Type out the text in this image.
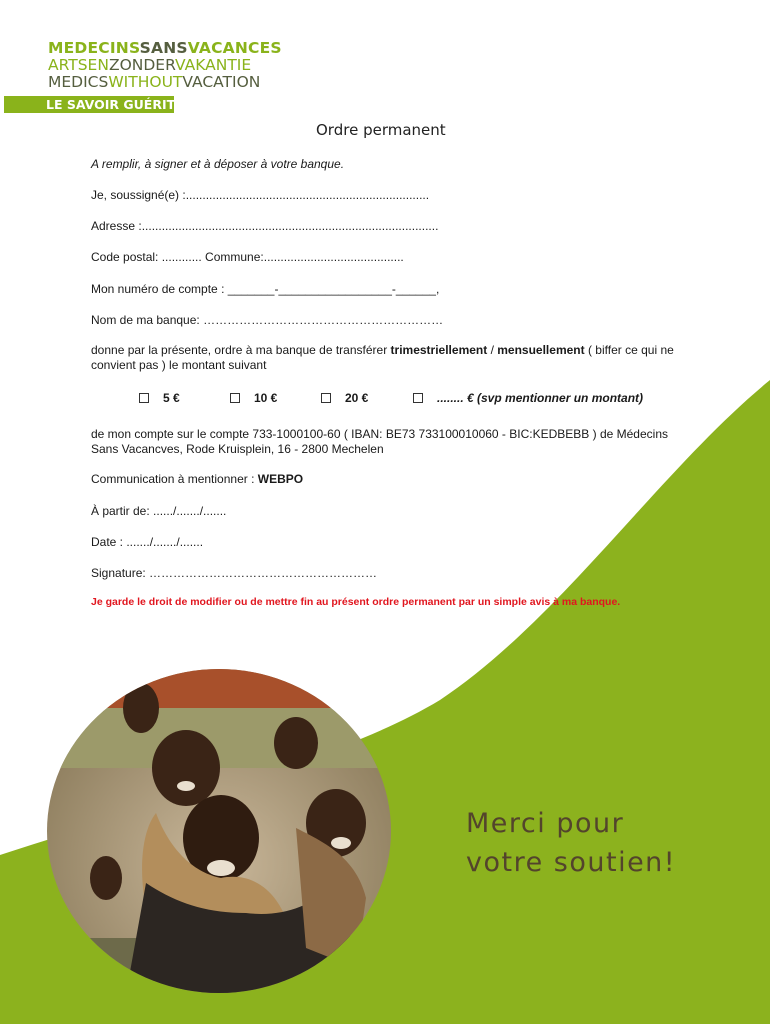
MEDECINSSANSVACANCES
ARTSENZONDERVAKANTIE
MEDICSWITHOUTVACATION
LE SAVOIR GUÉRIT
Ordre permanent
A remplir, à signer et à déposer à votre banque.
Je, soussigné(e) :.........................................................................
Adresse :.........................................................................................
Code postal: ............ Commune:..........................................
Mon numéro de compte : _______-_________________-______,
Nom de ma banque: ……………………………………………………
donne par la présente, ordre à ma banque de transférer trimestriellement / mensuellement ( biffer ce qui ne convient pas ) le montant suivant
5 €	10 €	20 €	........ € (svp mentionner un montant)
de mon compte sur le compte 733-1000100-60 ( IBAN: BE73 733100010060 - BIC:KEDBEBB ) de Médecins Sans Vacancves, Rode Kruisplein, 16 - 2800 Mechelen
Communication à mentionner : WEBPO
À partir de: ....../......./.......
Date : ......./......./.......
Signature: …………………………………………………
Je garde le droit de modifier ou de mettre fin au présent ordre permanent par un simple avis à ma banque.
Merci pour
votre soutien!
